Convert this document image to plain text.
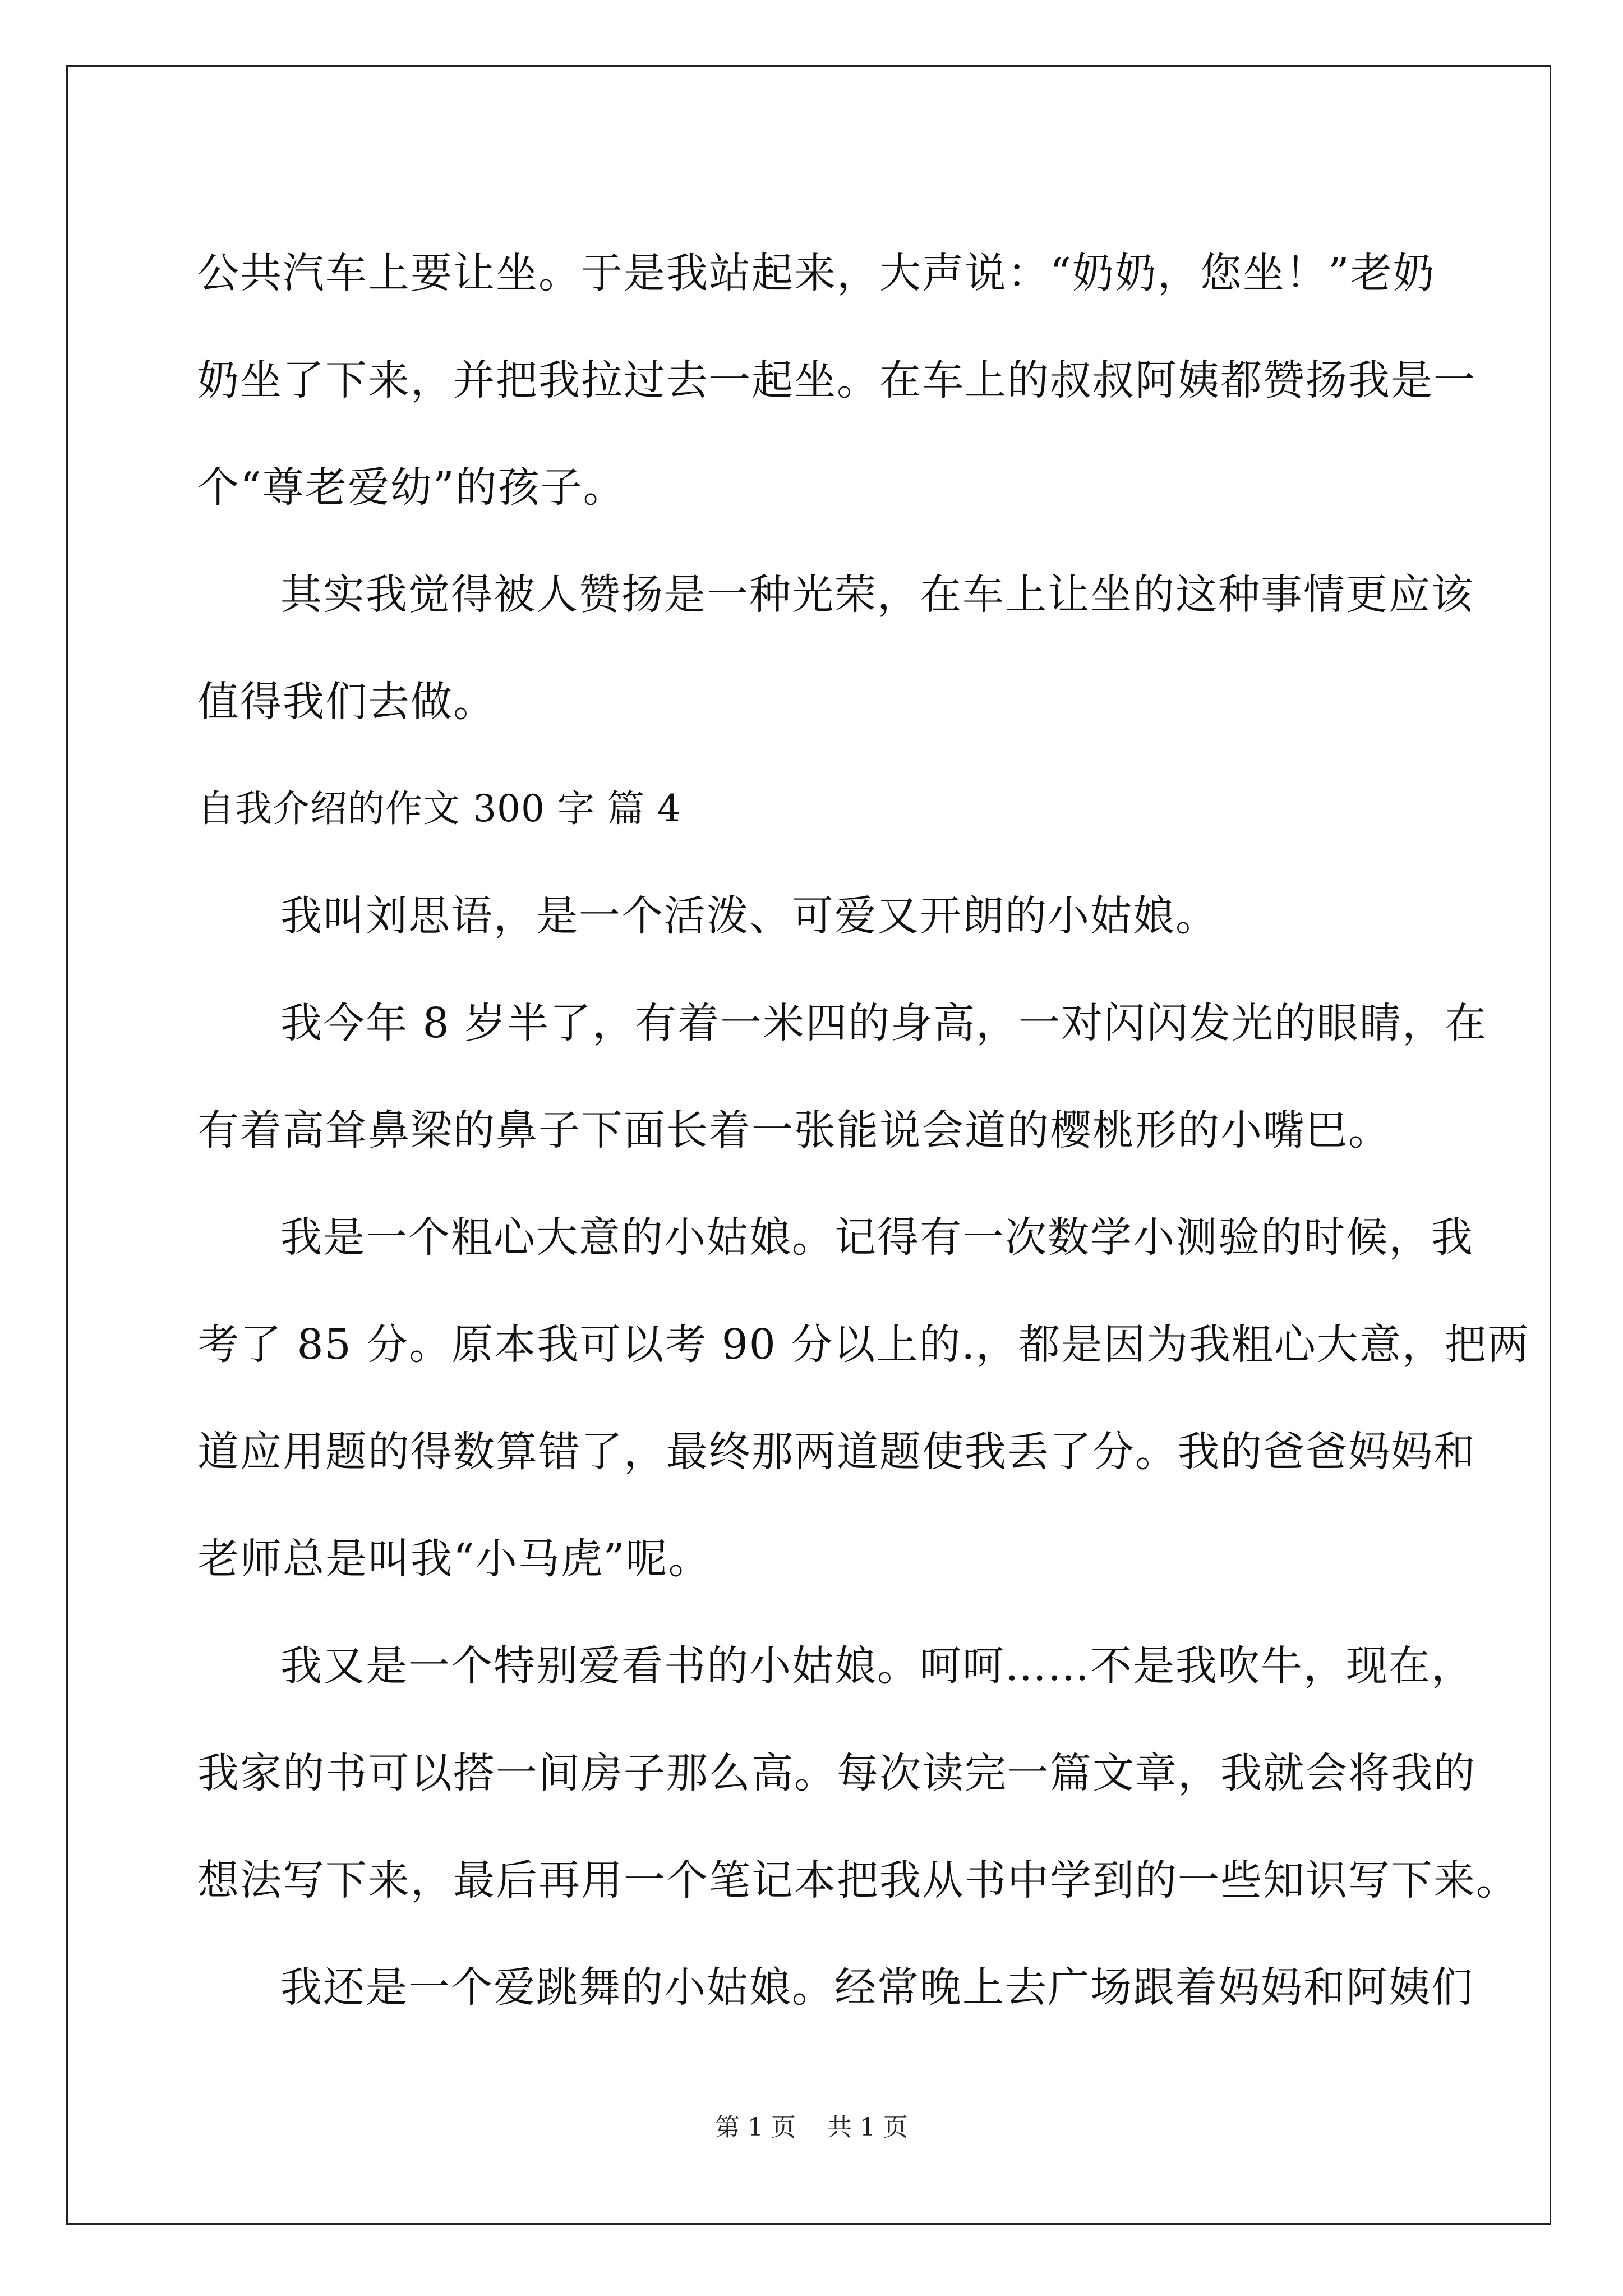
公共汽车上要让坐。于是我站起来，大声说：“奶奶，您坐！”老奶
奶坐了下来，并把我拉过去一起坐。在车上的叔叔阿姨都赞扬我是一
个“尊老爱幼”的孩子。
其实我觉得被人赞扬是一种光荣，在车上让坐的这种事情更应该
值得我们去做。
自我介绍的作文 300 字 篇 4
我叫刘思语，是一个活泼、可爱又开朗的小姑娘。
我今年 8 岁半了，有着一米四的身高，一对闪闪发光的眼睛，在
有着高耸鼻梁的鼻子下面长着一张能说会道的樱桃形的小嘴巴。
我是一个粗心大意的小姑娘。记得有一次数学小测验的时候，我
考了 85 分。原本我可以考 90 分以上的.，都是因为我粗心大意，把两
道应用题的得数算错了，最终那两道题使我丢了分。我的爸爸妈妈和
老师总是叫我“小马虎”呢。
我又是一个特别爱看书的小姑娘。呵呵……不是我吹牛，现在，
我家的书可以搭一间房子那么高。每次读完一篇文章，我就会将我的
想法写下来，最后再用一个笔记本把我从书中学到的一些知识写下来。
我还是一个爱跳舞的小姑娘。经常晚上去广场跟着妈妈和阿姨们
第 1 页    共 1 页
